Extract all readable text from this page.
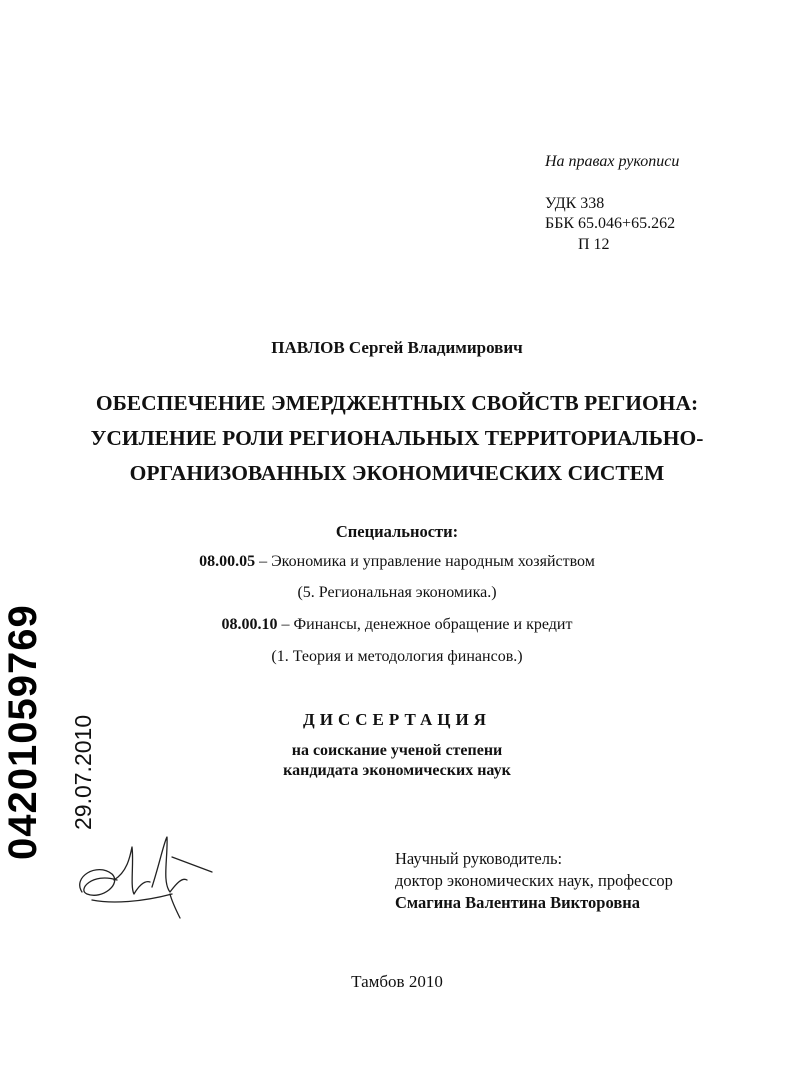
На правах рукописи
УДК 338
ББК 65.046+65.262
П 12
ПАВЛОВ Сергей Владимирович
ОБЕСПЕЧЕНИЕ ЭМЕРДЖЕНТНЫХ СВОЙСТВ РЕГИОНА:
УСИЛЕНИЕ РОЛИ РЕГИОНАЛЬНЫХ ТЕРРИТОРИАЛЬНО-
ОРГАНИЗОВАННЫХ ЭКОНОМИЧЕСКИХ СИСТЕМ
Специальности:
08.00.05 – Экономика и управление народным хозяйством
(5. Региональная экономика.)
08.00.10 – Финансы, денежное обращение и кредит
(1. Теория и методология финансов.)
ДИССЕРТАЦИЯ
на соискание ученой степени
кандидата экономических наук
Научный руководитель:
доктор экономических наук, профессор
Смагина Валентина Викторовна
Тамбов 2010
04201059769 29.07.2010
